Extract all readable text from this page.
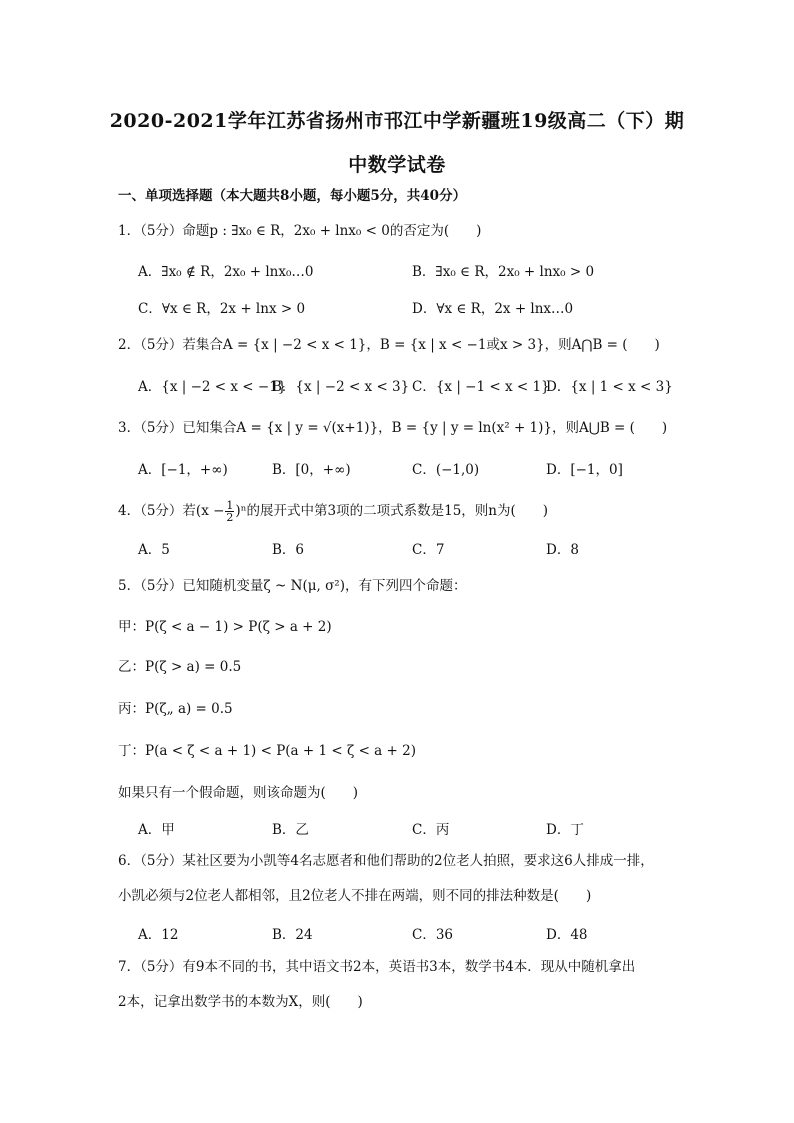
2020-2021学年江苏省扬州市邗江中学新疆班19级高二（下）期
中数学试卷
一、单项选择题（本大题共8小题，每小题5分，共40分）
1．（5分）命题p : ∃x₀ ∈ R，2x₀ + lnx₀ < 0的否定为(　　)
A．∃x₀ ∉ R，2x₀ + lnx₀…0	B．∃x₀ ∈ R，2x₀ + lnx₀ > 0
C．∀x ∈ R，2x + lnx > 0	D．∀x ∈ R，2x + lnx…0
2．（5分）若集合A = {x | −2 < x < 1}，B = {x | x < −1或x > 3}，则A⋂B = (　　)
A．{x | −2 < x < −1}
B．{x | −2 < x < 3} C．{x | −1 < x < 1}
D．{x | 1 < x < 3}
3．（5分）已知集合A = {x | y = √(x+1)}，B = {y | y = ln(x² + 1)}，则A⋃B = (　　)
A．[−1，+∞)	B．[0，+∞)	C．(−1,0)	D．[−1，0]
4．（5分）若$(x - \frac{1}{2} )^n$的展开式中第3项的二项式系数是15，则n为(　　)
A．5	B．6	C．7	D．8
5．（5分）已知随机变量ζ ~ N(μ, σ²)，有下列四个命题：
甲：P(ζ < a − 1) > P(ζ > a + 2)
乙：P(ζ > a) = 0.5
丙：P(ζ„ a) = 0.5
丁：P(a < ζ < a + 1) < P(a + 1 < ζ < a + 2)
如果只有一个假命题，则该命题为(　　)
A．甲	B．乙	C．丙	D．丁
6．（5分）某社区要为小凯等4名志愿者和他们帮助的2位老人拍照，要求这6人排成一排，
小凯必须与2位老人都相邻，且2位老人不排在两端，则不同的排法种数是(　　)
A．12	B．24	C．36	D．48
7．（5分）有9本不同的书，其中语文书2本，英语书3本，数学书4本．现从中随机拿出
2本，记拿出数学书的本数为X，则(　　)
